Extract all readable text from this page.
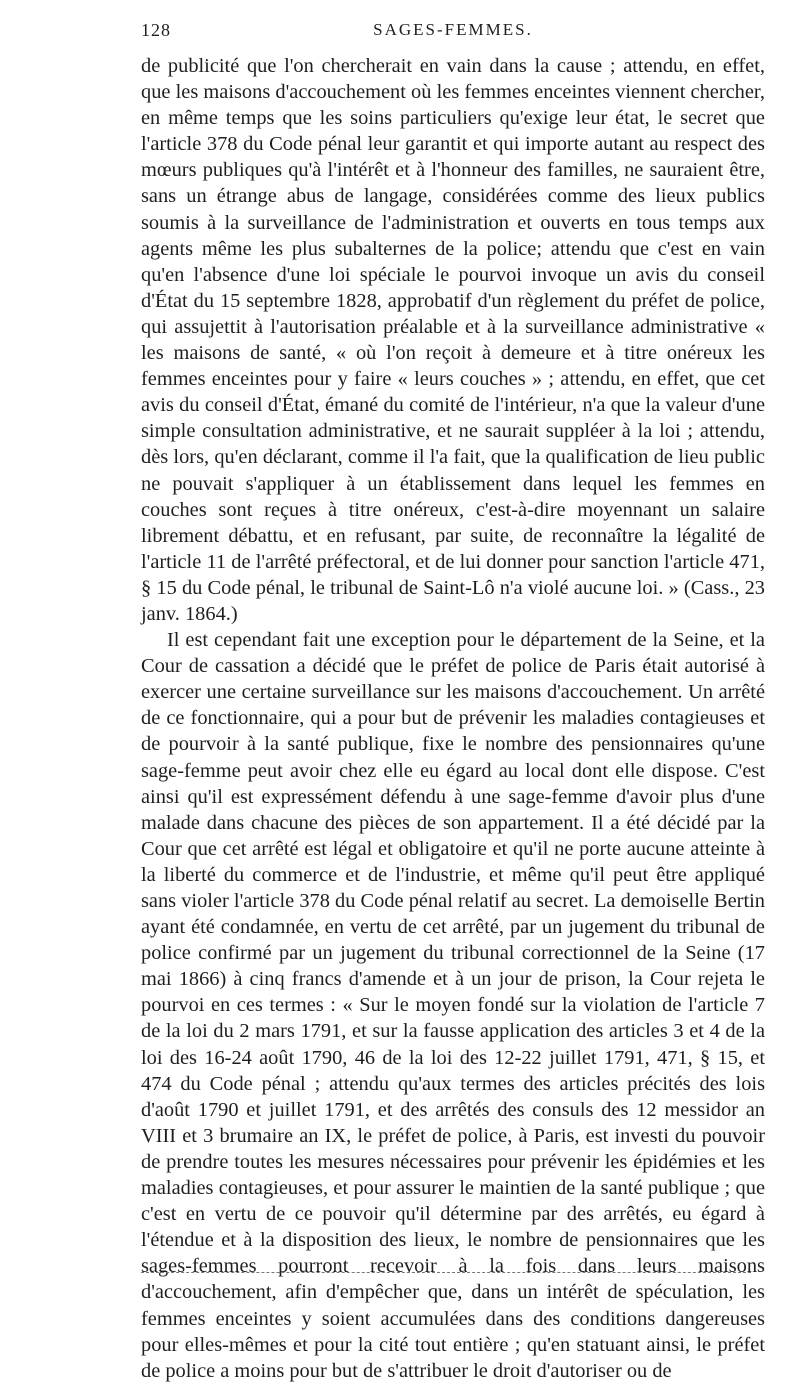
128	SAGES-FEMMES.

de publicité que l'on chercherait en vain dans la cause ; attendu, en effet, que les maisons d'accouchement où les femmes enceintes viennent chercher, en même temps que les soins particuliers qu'exige leur état, le secret que l'article 378 du Code pénal leur garantit et qui importe autant au respect des mœurs publiques qu'à l'intérêt et à l'honneur des familles, ne sauraient être, sans un étrange abus de langage, considérées comme des lieux publics soumis à la surveillance de l'administration et ouverts en tous temps aux agents même les plus subalternes de la police; attendu que c'est en vain qu'en l'absence d'une loi spéciale le pourvoi invoque un avis du conseil d'État du 15 septembre 1828, approbatif d'un règlement du préfet de police, qui assujettit à l'autorisation préalable et à la surveillance administrative « les maisons de santé, « où l'on reçoit à demeure et à titre onéreux les femmes enceintes pour y faire « leurs couches » ; attendu, en effet, que cet avis du conseil d'État, émané du comité de l'intérieur, n'a que la valeur d'une simple consultation administrative, et ne saurait suppléer à la loi ; attendu, dès lors, qu'en déclarant, comme il l'a fait, que la qualification de lieu public ne pouvait s'appliquer à un établissement dans lequel les femmes en couches sont reçues à titre onéreux, c'est-à-dire moyennant un salaire librement débattu, et en refusant, par suite, de reconnaître la légalité de l'article 11 de l'arrêté préfectoral, et de lui donner pour sanction l'article 471, § 15 du Code pénal, le tribunal de Saint-Lô n'a violé aucune loi. » (Cass., 23 janv. 1864.)

Il est cependant fait une exception pour le département de la Seine, et la Cour de cassation a décidé que le préfet de police de Paris était autorisé à exercer une certaine surveillance sur les maisons d'accouchement. Un arrêté de ce fonctionnaire, qui a pour but de prévenir les maladies contagieuses et de pourvoir à la santé publique, fixe le nombre des pensionnaires qu'une sage-femme peut avoir chez elle eu égard au local dont elle dispose. C'est ainsi qu'il est expressément défendu à une sage-femme d'avoir plus d'une malade dans chacune des pièces de son appartement. Il a été décidé par la Cour que cet arrêté est légal et obligatoire et qu'il ne porte aucune atteinte à la liberté du commerce et de l'industrie, et même qu'il peut être appliqué sans violer l'article 378 du Code pénal relatif au secret. La demoiselle Bertin ayant été condamnée, en vertu de cet arrêté, par un jugement du tribunal de police confirmé par un jugement du tribunal correctionnel de la Seine (17 mai 1866) à cinq francs d'amende et à un jour de prison, la Cour rejeta le pourvoi en ces termes : « Sur le moyen fondé sur la violation de l'article 7 de la loi du 2 mars 1791, et sur la fausse application des articles 3 et 4 de la loi des 16-24 août 1790, 46 de la loi des 12-22 juillet 1791, 471, § 15, et 474 du Code pénal ; attendu qu'aux termes des articles précités des lois d'août 1790 et juillet 1791, et des arrêtés des consuls des 12 messidor an VIII et 3 brumaire an IX, le préfet de police, à Paris, est investi du pouvoir de prendre toutes les mesures nécessaires pour prévenir les épidémies et les maladies contagieuses, et pour assurer le maintien de la santé publique ; que c'est en vertu de ce pouvoir qu'il détermine par des arrêtés, eu égard à l'étendue et à la disposition des lieux, le nombre de pensionnaires que les sages-femmes pourront recevoir à la fois dans leurs maisons d'accouchement, afin d'empêcher que, dans un intérêt de spéculation, les femmes enceintes y soient accumulées dans des conditions dangereuses pour elles-mêmes et pour la cité tout entière ; qu'en statuant ainsi, le préfet de police a moins pour but de s'attribuer le droit d'autoriser ou de
